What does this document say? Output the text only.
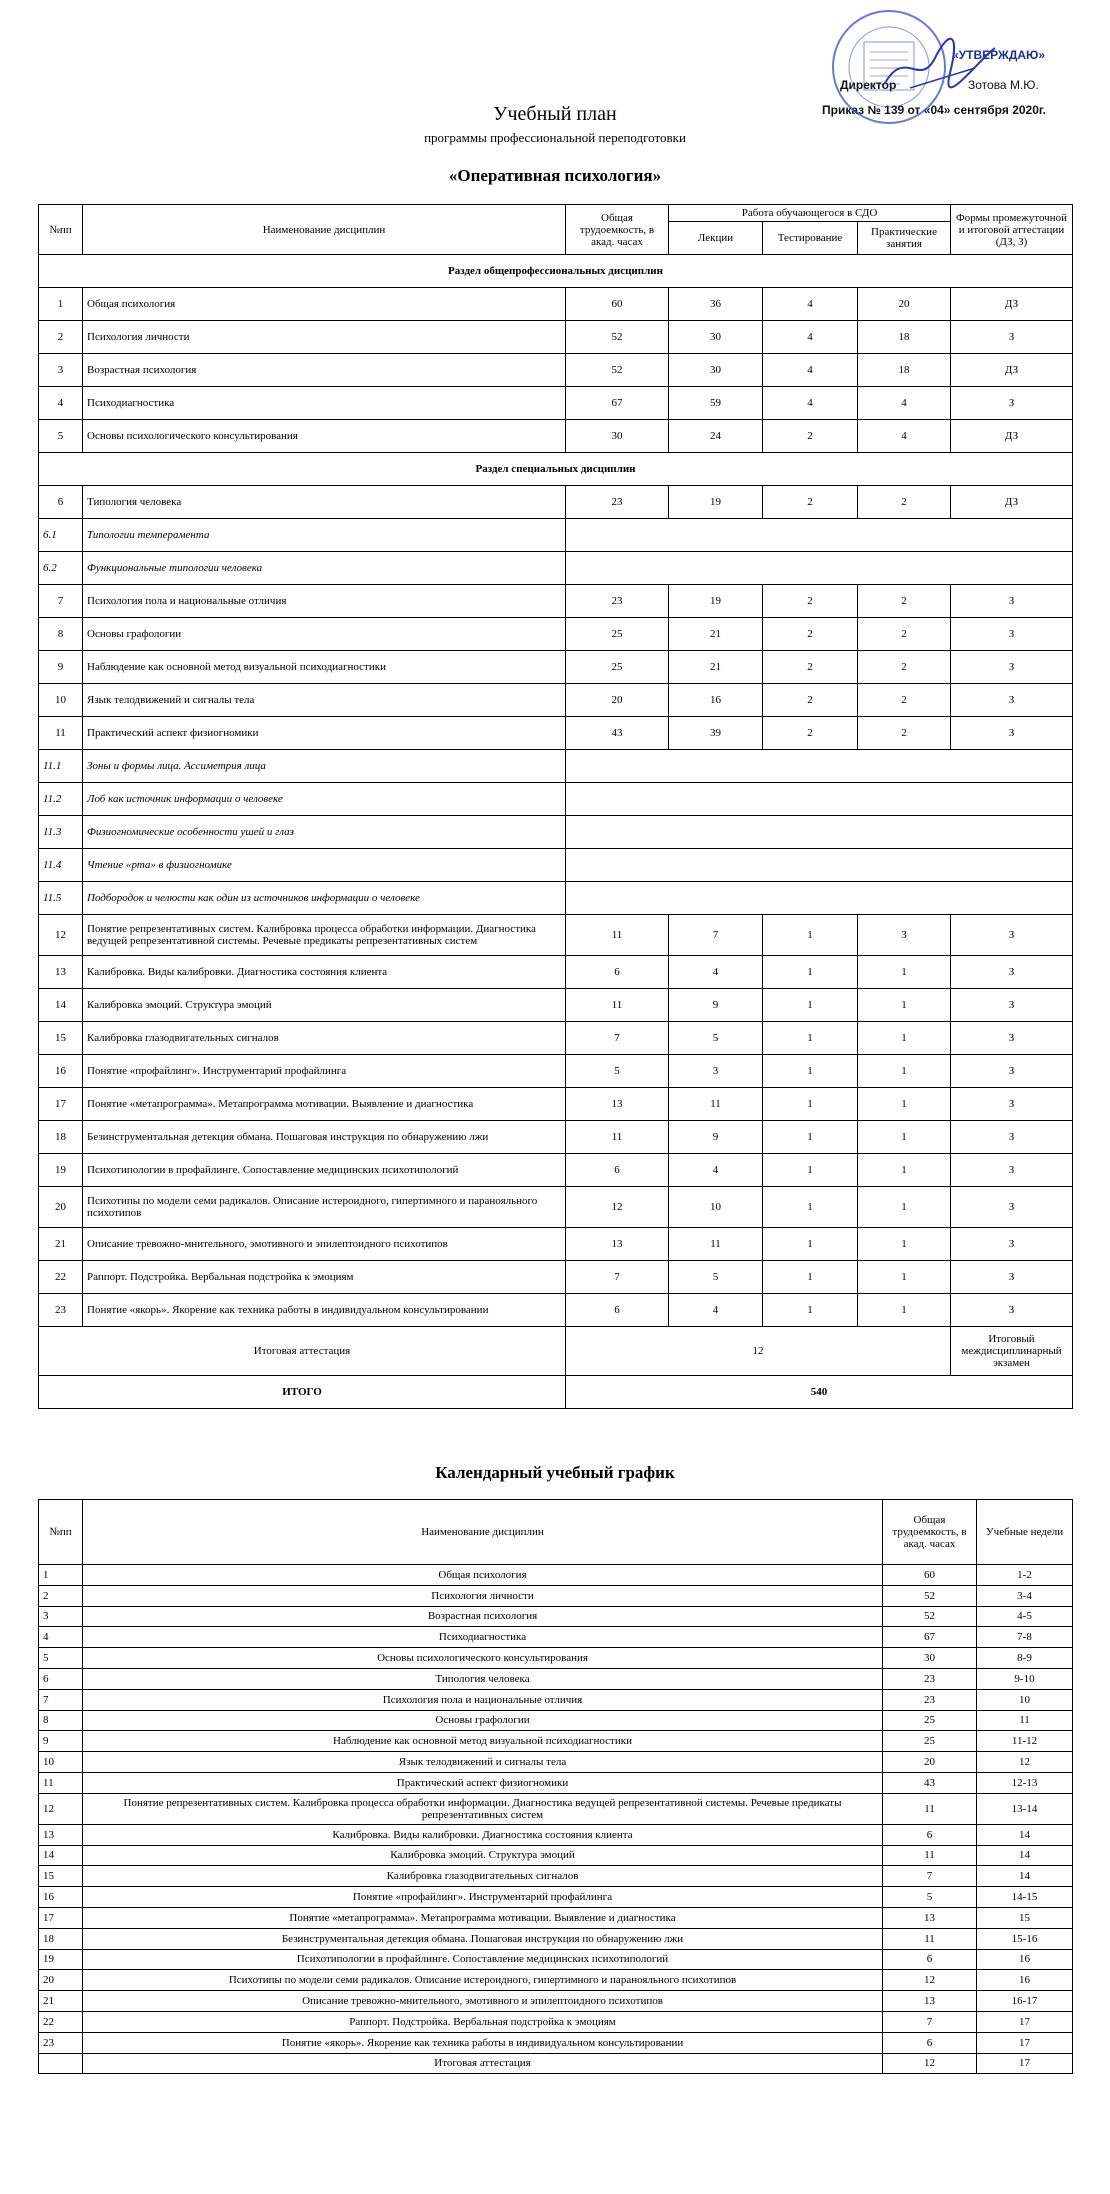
«УТВЕРЖДАЮ»
Директор	Зотова М.Ю.
Приказ № 139 от «04» сентября 2020г.
Учебный план
программы профессиональной переподготовки
«Оперативная психология»
№пп	Наименование дисциплин	Общая трудоемкость, в акад. часах	Работа обучающегося в СДО			Формы промежуточной и итоговой аттестации (ДЗ, З)
			Лекции	Тестирование	Практические занятия	
Раздел общепрофессиональных дисциплин						
1	Общая психология	60	36	4	20	ДЗ
2	Психология личности	52	30	4	18	З
3	Возрастная психология	52	30	4	18	ДЗ
4	Психодиагностика	67	59	4	4	З
5	Основы психологического консультирования	30	24	2	4	ДЗ
Раздел специальных дисциплин						
6	Типология человека	23	19	2	2	ДЗ
6.1	Типологии темперамента					
6.2	Функциональные типологии человека					
7	Психология пола и национальные отличия	23	19	2	2	З
8	Основы графологии	25	21	2	2	З
9	Наблюдение как основной метод визуальной психодиагностики	25	21	2	2	З
10	Язык телодвижений и сигналы тела	20	16	2	2	З
11	Практический аспект физиогномики	43	39	2	2	З
11.1	Зоны и формы лица. Ассиметрия лица					
11.2	Лоб как источник информации о человеке					
11.3	Физиогномические особенности ушей и глаз					
11.4	Чтение «рта» в физиогномике					
11.5	Подбородок и челюсти как один из источников информации о человеке					
12	Понятие репрезентативных систем. Калибровка процесса обработки информации. Диагностика ведущей репрезентативной системы. Речевые предикаты репрезентативных систем	11	7	1	3	З
13	Калибровка. Виды калибровки. Диагностика состояния клиента	6	4	1	1	З
14	Калибровка эмоций. Структура эмоций	11	9	1	1	З
15	Калибровка глазодвигательных сигналов	7	5	1	1	З
16	Понятие «профайлинг». Инструментарий профайлинга	5	3	1	1	З
17	Понятие «метапрограмма». Метапрограмма мотивации. Выявление и диагностика	13	11	1	1	З
18	Безинструментальная детекция обмана. Пошаговая инструкция по обнаружению лжи	11	9	1	1	З
19	Психотипологии в профайлинге. Сопоставление медицинских психотипологий	6	4	1	1	З
20	Психотипы по модели семи радикалов. Описание истероидного, гипертимного и паранояльного психотипов	12	10	1	1	З
21	Описание тревожно-мнительного, эмотивного и эпилептоидного психотипов	13	11	1	1	З
22	Раппорт. Подстройка. Вербальная подстройка к эмоциям	7	5	1	1	З
23	Понятие «якорь». Якорение как техника работы в индивидуальном консультировании	6	4	1	1	З
Итоговая аттестация		12				Итоговый междисциплинарный экзамен
ИТОГО		540				
Календарный учебный график
№пп	Наименование дисциплин	Общая трудоемкость, в акад. часах	Учебные недели
1	Общая психология	60	1-2
2	Психология личности	52	3-4
3	Возрастная психология	52	4-5
4	Психодиагностика	67	7-8
5	Основы психологического консультирования	30	8-9
6	Типология человека	23	9-10
7	Психология пола и национальные отличия	23	10
8	Основы графологии	25	11
9	Наблюдение как основной метод визуальной психодиагностики	25	11-12
10	Язык телодвижений и сигналы тела	20	12
11	Практический аспект физиогномики	43	12-13
12	Понятие репрезентативных систем. Калибровка процесса обработки информации. Диагностика ведущей репрезентативной системы. Речевые предикаты репрезентативных систем	11	13-14
13	Калибровка. Виды калибровки. Диагностика состояния клиента	6	14
14	Калибровка эмоций. Структура эмоций	11	14
15	Калибровка глазодвигательных сигналов	7	14
16	Понятие «профайлинг». Инструментарий профайлинга	5	14-15
17	Понятие «метапрограмма». Метапрограмма мотивации. Выявление и диагностика	13	15
18	Безинструментальная детекция обмана. Пошаговая инструкция по обнаружению лжи	11	15-16
19	Психотипологии в профайлинге. Сопоставление медицинских психотипологий	6	16
20	Психотипы по модели семи радикалов. Описание истероидного, гипертимного и паранояльного психотипов	12	16
21	Описание тревожно-мнительного, эмотивного и эпилептоидного психотипов	13	16-17
22	Раппорт. Подстройка. Вербальная подстройка к эмоциям	7	17
23	Понятие «якорь». Якорение как техника работы в индивидуальном консультировании	6	17
	Итоговая аттестация	12	17
